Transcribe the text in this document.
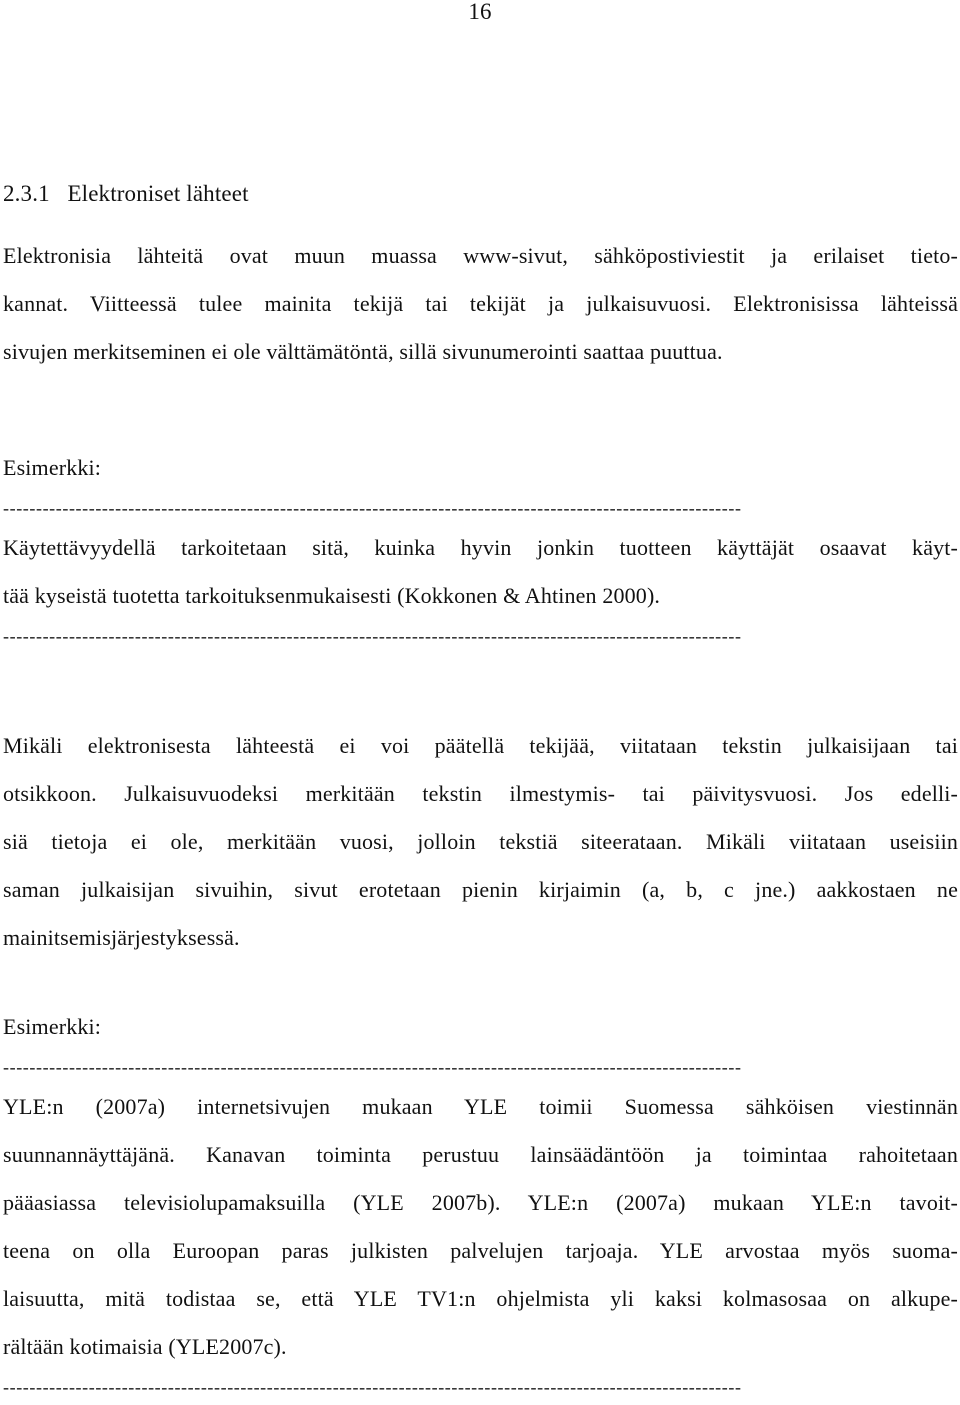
16
2.3.1   Elektroniset lähteet
Elektronisia lähteitä ovat muun muassa www-sivut, sähköpostiviestit ja erilaiset tieto-
kannat. Viitteessä tulee mainita tekijä tai tekijät ja julkaisuvuosi. Elektronisissa lähteissä
sivujen merkitseminen ei ole välttämätöntä, sillä sivunumerointi saattaa puuttua.
Esimerkki:
----------------------------------------------------------------------------------------------------------------
Käytettävyydellä tarkoitetaan sitä, kuinka hyvin jonkin tuotteen käyttäjät osaavat käyt-
tää kyseistä tuotetta tarkoituksenmukaisesti (Kokkonen & Ahtinen 2000).
----------------------------------------------------------------------------------------------------------------
Mikäli elektronisesta lähteestä ei voi päätellä tekijää, viitataan tekstin julkaisijaan tai
otsikkoon. Julkaisuvuodeksi merkitään tekstin ilmestymis- tai päivitysvuosi. Jos edelli-
siä tietoja ei ole, merkitään vuosi, jolloin tekstiä siteerataan. Mikäli viitataan useisiin
saman julkaisijan sivuihin, sivut erotetaan pienin kirjaimin (a, b, c jne.) aakkostaen ne
mainitsemisjärjestyksessä.
Esimerkki:
----------------------------------------------------------------------------------------------------------------
YLE:n (2007a) internetsivujen mukaan YLE toimii Suomessa sähköisen viestinnän
suunnannäyttäjänä. Kanavan toiminta perustuu lainsäädäntöön ja toimintaa rahoitetaan
pääasiassa televisiolupamaksuilla (YLE 2007b). YLE:n (2007a) mukaan YLE:n tavoit-
teena on olla Euroopan paras julkisten palvelujen tarjoaja. YLE arvostaa myös suoma-
laisuutta, mitä todistaa se, että YLE TV1:n ohjelmista yli kaksi kolmasosaa on alkupe-
rältään kotimaisia (YLE2007c).
----------------------------------------------------------------------------------------------------------------
